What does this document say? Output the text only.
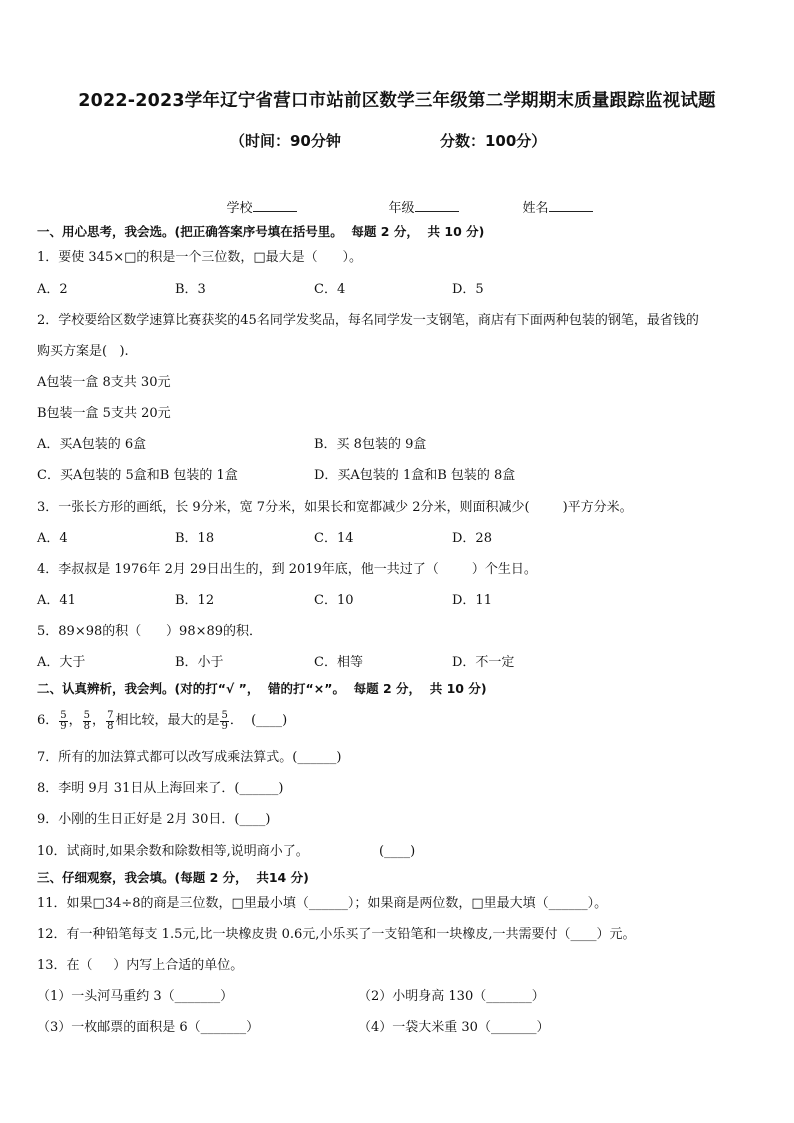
2022-2023学年辽宁省营口市站前区数学三年级第二学期期末质量跟踪监视试题
（时间：90分钟	分数：100分）

学校
	年级
	姓名

一、用心思考，我会选。(把正确答案序号填在括号里。  每题 2 分，  共 10 分)
1．要使 345×□的积是一个三位数，□最大是（      ）。
A．2	B．3	C．4	D．5
2．学校要给区数学速算比赛获奖的45名同学发奖品，每名同学发一支钢笔，商店有下面两种包装的钢笔，最省钱的
购买方案是(   ).
A包装一盒 8支共 30元
B包装一盒 5支共 20元
A．买A包装的 6盒	B．买 8包装的 9盒
C．买A包装的 5盒和B 包装的 1盒	D．买A包装的 1盒和B 包装的 8盒
3．一张长方形的画纸，长 9分米，宽 7分米，如果长和宽都减少 2分米，则面积减少(        )平方分米。
A．4	B．18	C．14	D．28
4．李叔叔是 1976年 2月 29日出生的，到 2019年底，他一共过了（        ）个生日。
A．41	B．12	C．10	D．11
5．89×98的积（      ）98×89的积．
A．大于	B．小于	C．相等	D．不一定
二、认真辨析，我会判。(对的打“√ ”，  错的打“×”。  每题 2 分，  共 10 分)
6． $\frac{5}{9}$ ， $\frac{5}{8}$ ， $\frac{7}{8}$ 相比较，最大的是 $\frac{5}{9}$ ．  (____)
7．所有的加法算式都可以改写成乘法算式。(______)
8．李明 9月 31日从上海回来了．(______)
9．小刚的生日正好是 2月 30日．(____)
10．试商时,如果余数和除数相等,说明商小了。                 (____)
三、仔细观察，我会填。(每题 2 分，  共14 分)
11．如果□34÷8的商是三位数，□里最小填（______）；如果商是两位数，□里最大填（______）。
12．有一种铅笔每支 1.5元,比一块橡皮贵 0.6元,小乐买了一支铅笔和一块橡皮,一共需要付（____）元。
13．在（     ）内写上合适的单位。
（1）一头河马重约 3（_______）	（2）小明身高 130（_______）
（3）一枚邮票的面积是 6（_______）	（4）一袋大米重 30（_______）
